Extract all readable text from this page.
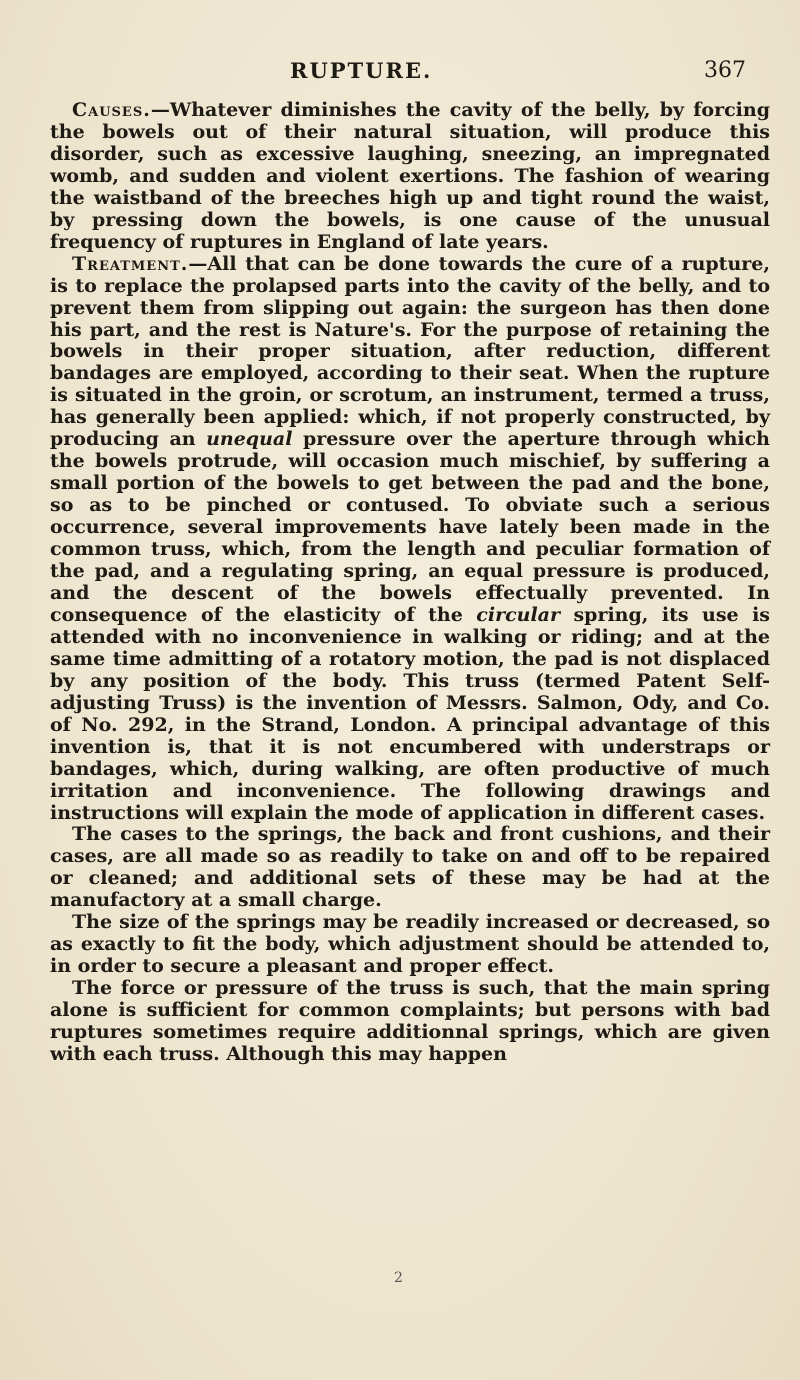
RUPTURE.	367

Causes.—Whatever diminishes the cavity of the belly, by forcing the bowels out of their natural situation, will produce this disorder, such as excessive laughing, sneezing, an impregnated womb, and sudden and violent exertions. The fashion of wearing the waistband of the breeches high up and tight round the waist, by pressing down the bowels, is one cause of the unusual frequency of ruptures in England of late years.

Treatment.—All that can be done towards the cure of a rupture, is to replace the prolapsed parts into the cavity of the belly, and to prevent them from slipping out again: the surgeon has then done his part, and the rest is Nature's. For the purpose of retaining the bowels in their proper situation, after reduction, different bandages are employed, according to their seat. When the rupture is situated in the groin, or scrotum, an instrument, termed a truss, has generally been applied: which, if not properly constructed, by producing an unequal pressure over the aperture through which the bowels protrude, will occasion much mischief, by suffering a small portion of the bowels to get between the pad and the bone, so as to be pinched or contused. To obviate such a serious occurrence, several improvements have lately been made in the common truss, which, from the length and peculiar formation of the pad, and a regulating spring, an equal pressure is produced, and the descent of the bowels effectually prevented. In consequence of the elasticity of the circular spring, its use is attended with no inconvenience in walking or riding; and at the same time admitting of a rotatory motion, the pad is not displaced by any position of the body. This truss (termed Patent Self-adjusting Truss) is the invention of Messrs. Salmon, Ody, and Co. of No. 292, in the Strand, London. A principal advantage of this invention is, that it is not encumbered with understraps or bandages, which, during walking, are often productive of much irritation and inconvenience. The following drawings and instructions will explain the mode of application in different cases.

The cases to the springs, the back and front cushions, and their cases, are all made so as readily to take on and off to be repaired or cleaned; and additional sets of these may be had at the manufactory at a small charge.

The size of the springs may be readily increased or decreased, so as exactly to fit the body, which adjustment should be attended to, in order to secure a pleasant and proper effect.

The force or pressure of the truss is such, that the main spring alone is sufficient for common complaints; but persons with bad ruptures sometimes require additionnal springs, which are given with each truss. Although this may happen

2
